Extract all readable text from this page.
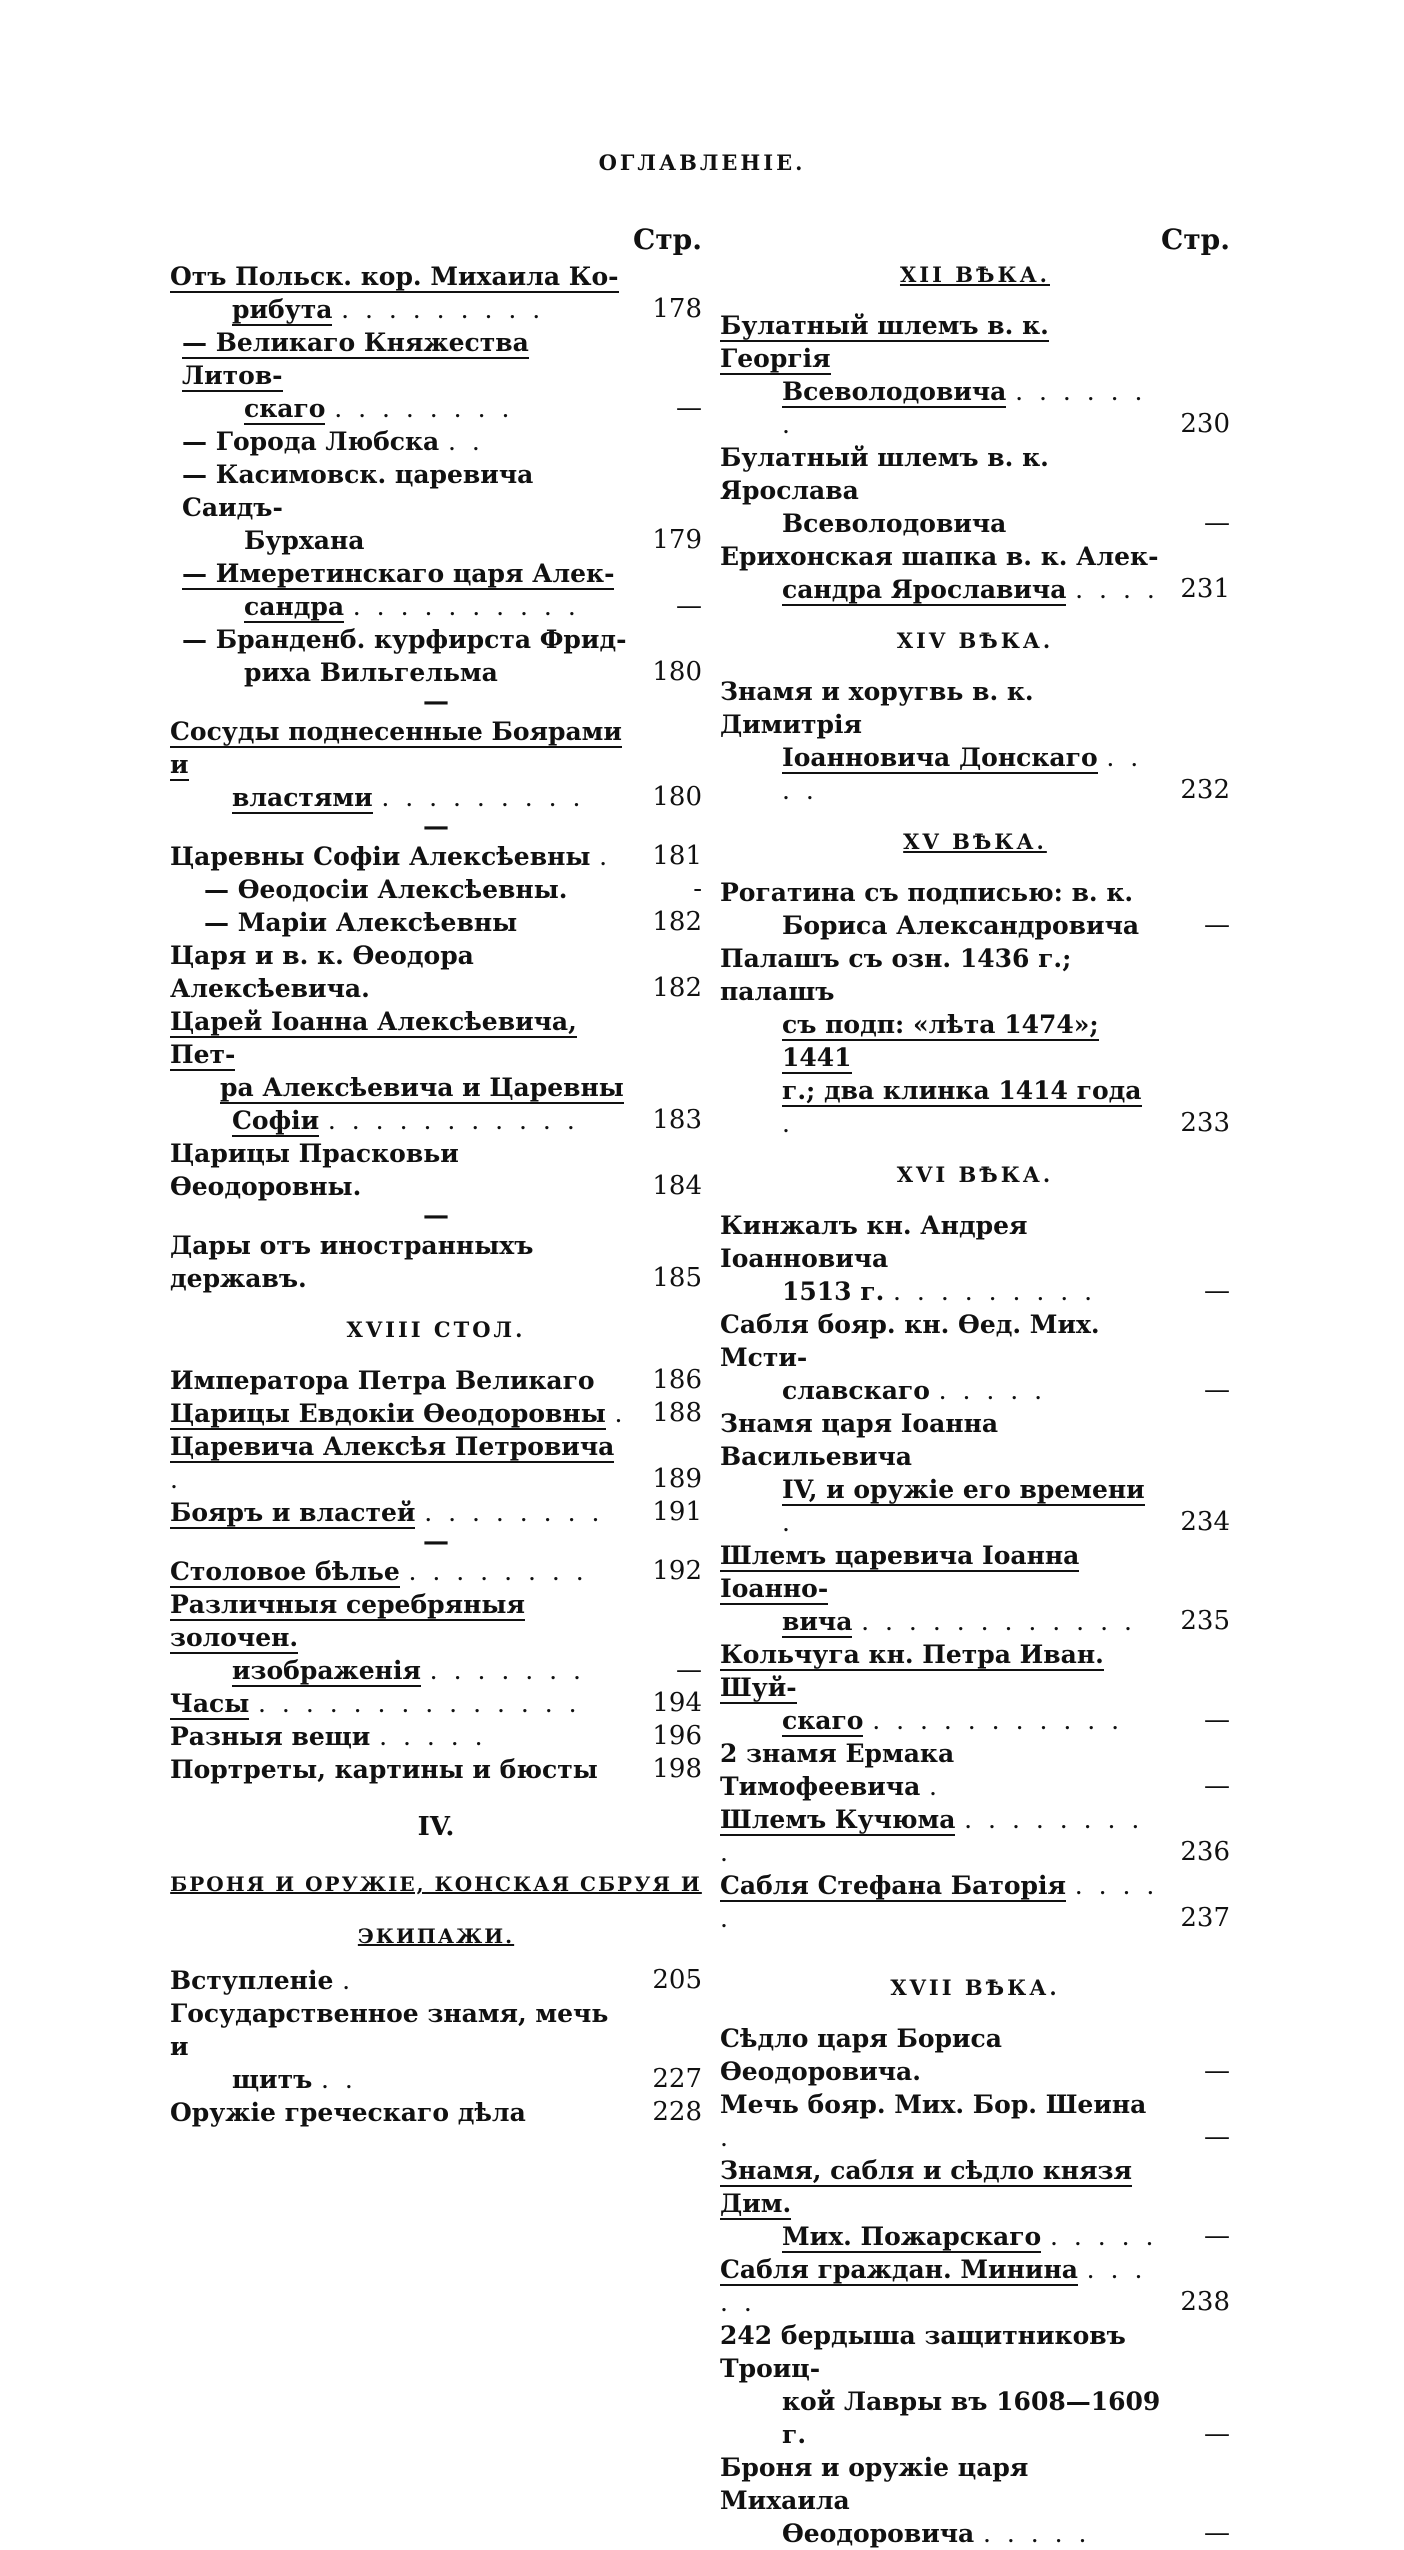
ОГЛАВЛЕНІЕ.
Стр.
Отъ Польск. кор. Михаила Ко-
рибута . . . . . . . . .	178
— Великаго Княжества Литов-
скаго . . . . . . . .	—
— Города Любска . .
— Касимовск. царевича Саидъ-
Бурхана	179
— Имеретинскаго царя Алек-
сандра . . . . . . . . . .	—
— Бранденб. курфирста Фрид-
риха Вильгельма	180
—
Сосуды поднесенные Боярами и
властями . . . . . . . . .	180
—
Царевны Софіи Алексѣевны .	181
— Ѳеодосіи Алексѣевны.	-
— Маріи Алексѣевны	182
Царя и в. к. Ѳеодора Алексѣевича.	182
Царей Іоанна Алексѣевича, Пет-
ра Алексѣевича и Царевны
Софіи . . . . . . . . . . .	183
Царицы Прасковьи Ѳеодоровны.	184
—
Дары отъ иностранныхъ державъ.	185
XVIII СТОЛ.
Императора Петра Великаго	186
Царицы Евдокіи Ѳеодоровны . 188
Царевича Алексѣя Петровича .	189
Бояръ и властей . . . . . . . .	191
—
Столовое бѣлье . . . . . . . .	192
Различныя серебряныя золочен.
изображенія . . . . . . .	—
Часы . . . . . . . . . . . . . .	194
Разныя вещи . . . . .	196
Портреты, картины и бюсты	198
IV.
БРОНЯ И ОРУЖІЕ, КОНСКАЯ СБРУЯ И
ЭКИПАЖИ.
Вступленіе .	205
Государственное знамя, мечь и
щитъ . .	227
Оружіе греческаго дѣла	228
Стр.
XII ВѢКА.
Булатный шлемъ в. к. Георгія
Всеволодовича . . . . . . .	230
Булатный шлемъ в. к. Ярослава
Всеволодовича	—
Ерихонская шапка в. к. Алек-
сандра Ярославича . . . . 231
XIV ВѢКА.
Знамя и хоругвь в. к. Димитрія
Іоанновича Донскаго . . . .	232
XV ВѢКА.
Рогатина съ подписью: в. к.
Бориса Александровича	—
Палашъ съ озн. 1436 г.; палашъ
съ подп: «лѣта 1474»; 1441
г.; два клинка 1414 года .	233
XVI ВѢКА.
Кинжалъ кн. Андрея Іоанновича
1513 г. . . . . . . . . .	—
Сабля бояр. кн. Ѳед. Мих. Мсти-
славскаго . . . . .	—
Знамя царя Іоанна Васильевича
IV, и оружіе его времени .	234
Шлемъ царевича Іоанна Іоанно-
вича . . . . . . . . . . . .	235
Кольчуга кн. Петра Иван. Шуй-
скаго . . . . . . . . . . .	—
2 знамя Ермака Тимофеевича .	—
Шлемъ Кучюма . . . . . . . . .	236
Сабля Стефана Баторія . . . . .	237
XVII ВѢКА.
Сѣдло царя Бориса Ѳеодоровича.	—
Мечь бояр. Мих. Бор. Шеина .	—
Знамя, сабля и сѣдло князя Дим.
Мих. Пожарскаго . . . . .	—
Сабля граждан. Минина . . . . .	238
242 бердыша защитниковъ Троиц-
кой Лавры въ 1608—1609 г.	—
Броня и оружіе царя Михаила
Ѳеодоровича . . . . .	—
